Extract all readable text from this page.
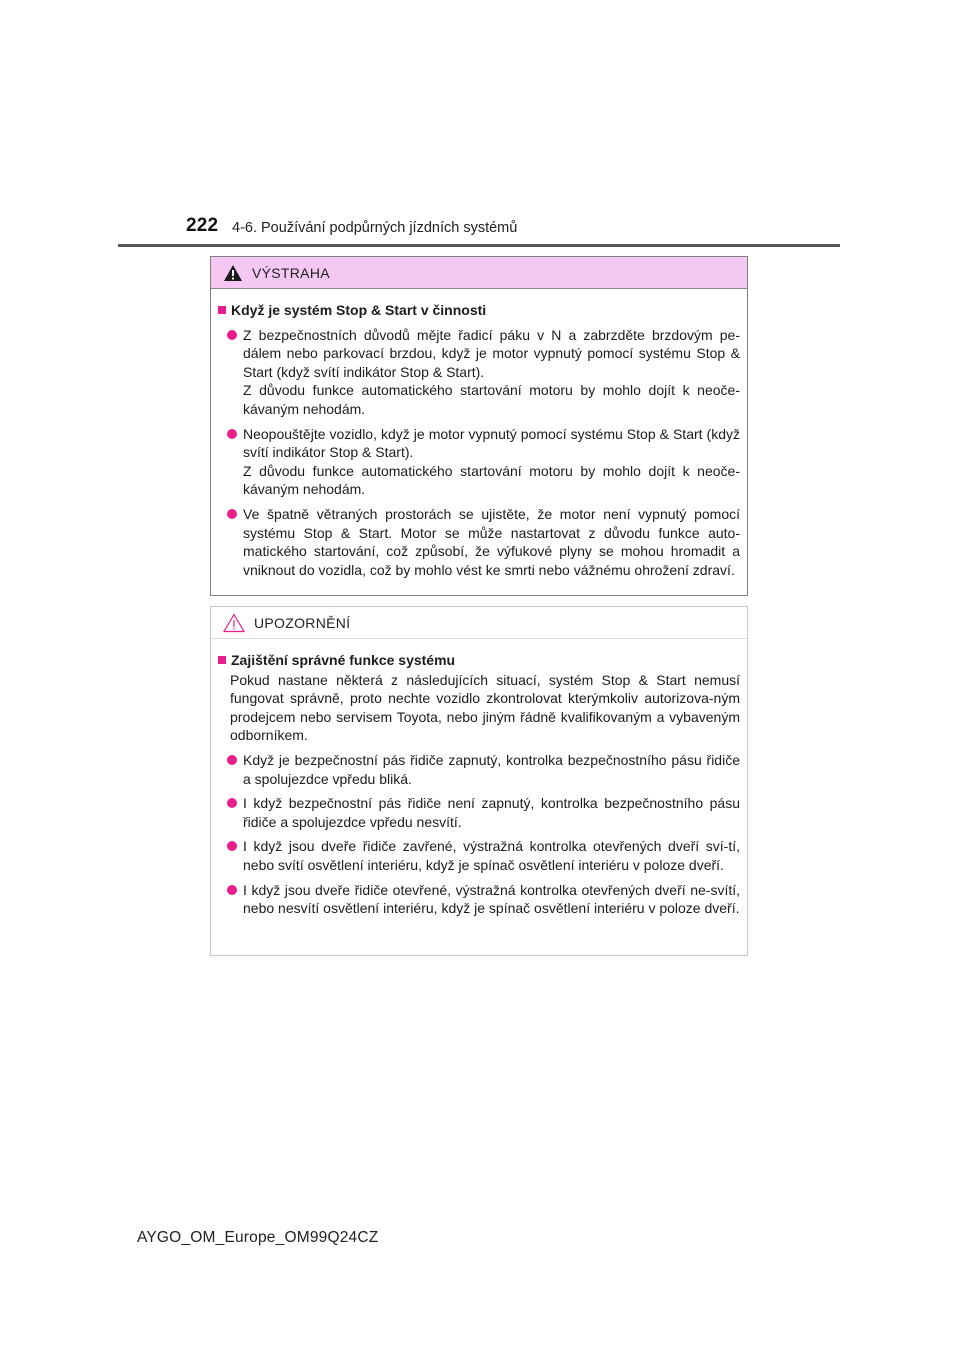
222 4-6. Používání podpůrných jízdních systémů
VÝSTRAHA
Když je systém Stop & Start v činnosti
Z bezpečnostních důvodů mějte řadicí páku v N a zabrzděte brzdovým pe-dálem nebo parkovací brzdou, když je motor vypnutý pomocí systému Stop & Start (když svítí indikátor Stop & Start).
Z důvodu funkce automatického startování motoru by mohlo dojít k neoče-kávaným nehodám.
Neopouštějte vozidlo, když je motor vypnutý pomocí systému Stop & Start (když svítí indikátor Stop & Start).
Z důvodu funkce automatického startování motoru by mohlo dojít k neoče-kávaným nehodám.
Ve špatně větraných prostorách se ujistěte, že motor není vypnutý pomocí systému Stop & Start. Motor se může nastartovat z důvodu funkce auto-matického startování, což způsobí, že výfukové plyny se mohou hromadit a vniknout do vozidla, což by mohlo vést ke smrti nebo vážnému ohrožení zdraví.
UPOZORNĚNÍ
Zajištění správné funkce systému
Pokud nastane některá z následujících situací, systém Stop & Start nemusí fungovat správně, proto nechte vozidlo zkontrolovat kterýmkoliv autorizova-ným prodejcem nebo servisem Toyota, nebo jiným řádně kvalifikovaným a vybaveným odborníkem.
Když je bezpečnostní pás řidiče zapnutý, kontrolka bezpečnostního pásu řidiče a spolujezdce vpředu bliká.
I když bezpečnostní pás řidiče není zapnutý, kontrolka bezpečnostního pásu řidiče a spolujezdce vpředu nesvítí.
I když jsou dveře řidiče zavřené, výstražná kontrolka otevřených dveří sví-tí, nebo svítí osvětlení interiéru, když je spínač osvětlení interiéru v poloze dveří.
I když jsou dveře řidiče otevřené, výstražná kontrolka otevřených dveří ne-svítí, nebo nesvítí osvětlení interiéru, když je spínač osvětlení interiéru v poloze dveří.
AYGO_OM_Europe_OM99Q24CZ
